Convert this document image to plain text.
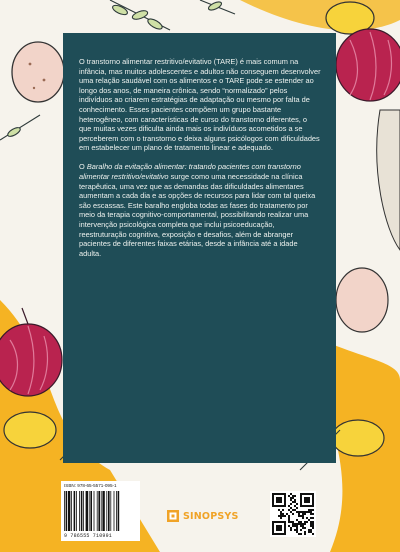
O transtorno alimentar restritivo/evitativo (TARE) é mais comum na infância, mas muitos adolescentes e adultos não conseguem desenvolver uma relação saudável com os alimentos e o TARE pode se estender ao longo dos anos, de maneira crônica, sendo “normalizado” pelos indivíduos ao criarem estratégias de adaptação ou mesmo por falta de conhecimento. Esses pacientes compõem um grupo bastante heterogêneo, com características de curso do transtorno diferentes, o que muitas vezes dificulta ainda mais os indivíduos acometidos a se perceberem com o transtorno e deixa alguns psicólogos com dificuldades em estabelecer um plano de tratamento linear e adequado.

O Baralho da evitação alimentar: tratando pacientes com transtorno alimentar restritivo/evitativo surge como uma necessidade na clínica terapêutica, uma vez que as demandas das dificuldades alimentares aumentam a cada dia e as opções de recursos para lidar com tal queixa são escassas. Este baralho engloba todas as fases do tratamento por meio da terapia cognitivo-comportamental, possibilitando realizar uma intervenção psicológica completa que inclui psicoeducação, reestruturação cognitiva, exposição e desafios, além de abranger pacientes de diferentes faixas etárias, desde a infância até a idade adulta.

ISBN: 978-65-5571-095-1
9 786555 710991
SINOPSYS
